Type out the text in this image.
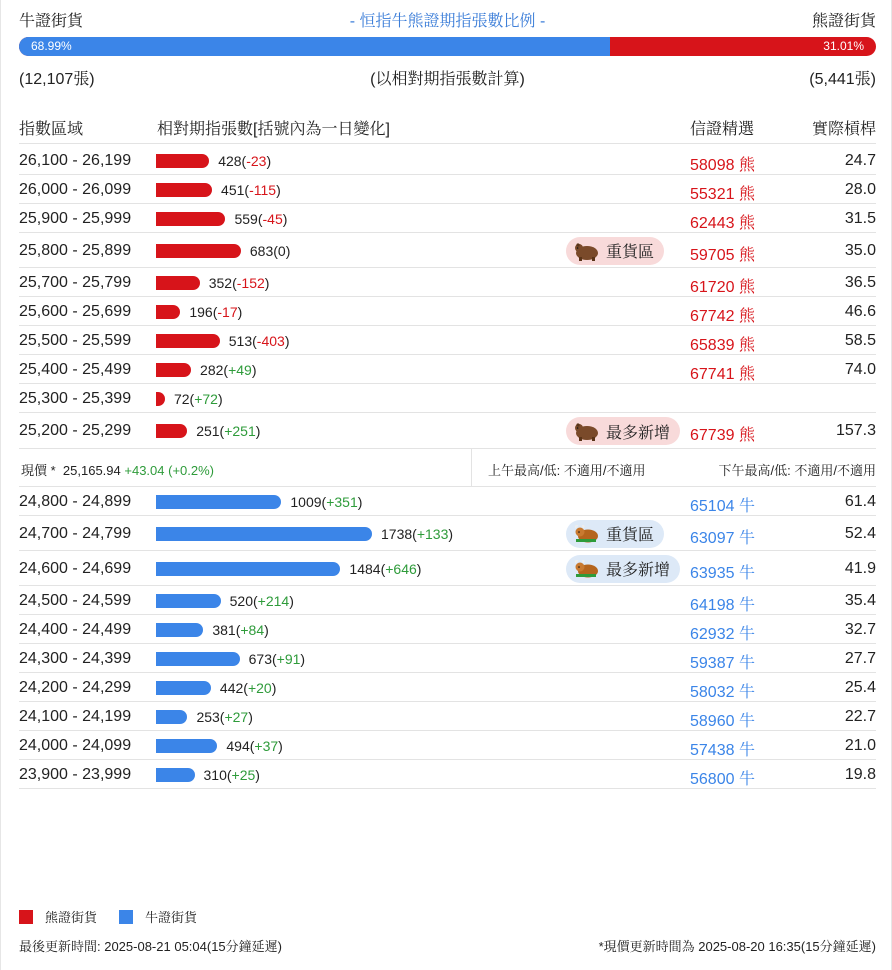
牛證街貨	- 恒指牛熊證期指張數比例 -	熊證街貨
68.99%	31.01%
(12,107張)	(以相對期指張數計算)	(5,441張)
指數區域	相對期指張數[括號內為一日變化]	信證精選	實際槓桿
26,100 - 26,199	428(-23)	58098 熊	24.7
26,000 - 26,099	451(-115)	55321 熊	28.0
25,900 - 25,999	559(-45)	62443 熊	31.5
25,800 - 25,899	683(0)	重貨區 59705 熊	35.0
25,700 - 25,799	352(-152)	61720 熊	36.5
25,600 - 25,699	196(-17)	67742 熊	46.6
25,500 - 25,599	513(-403)	65839 熊	58.5
25,400 - 25,499	282(+49)	67741 熊	74.0
25,300 - 25,399	72(+72)
25,200 - 25,299	251(+251)	最多新增 67739 熊	157.3
現價 * 25,165.94 +43.04 (+0.2%)	上午最高/低: 不適用/不適用	下午最高/低: 不適用/不適用
24,800 - 24,899	1009(+351)	65104 牛	61.4
24,700 - 24,799	1738(+133)	重貨區 63097 牛	52.4
24,600 - 24,699	1484(+646)	最多新增 63935 牛	41.9
24,500 - 24,599	520(+214)	64198 牛	35.4
24,400 - 24,499	381(+84)	62932 牛	32.7
24,300 - 24,399	673(+91)	59387 牛	27.7
24,200 - 24,299	442(+20)	58032 牛	25.4
24,100 - 24,199	253(+27)	58960 牛	22.7
24,000 - 24,099	494(+37)	57438 牛	21.0
23,900 - 23,999	310(+25)	56800 牛	19.8
熊證街貨	牛證街貨
最後更新時間: 2025-08-21 05:04(15分鐘延遲)	*現價更新時間為 2025-08-20 16:35(15分鐘延遲)
